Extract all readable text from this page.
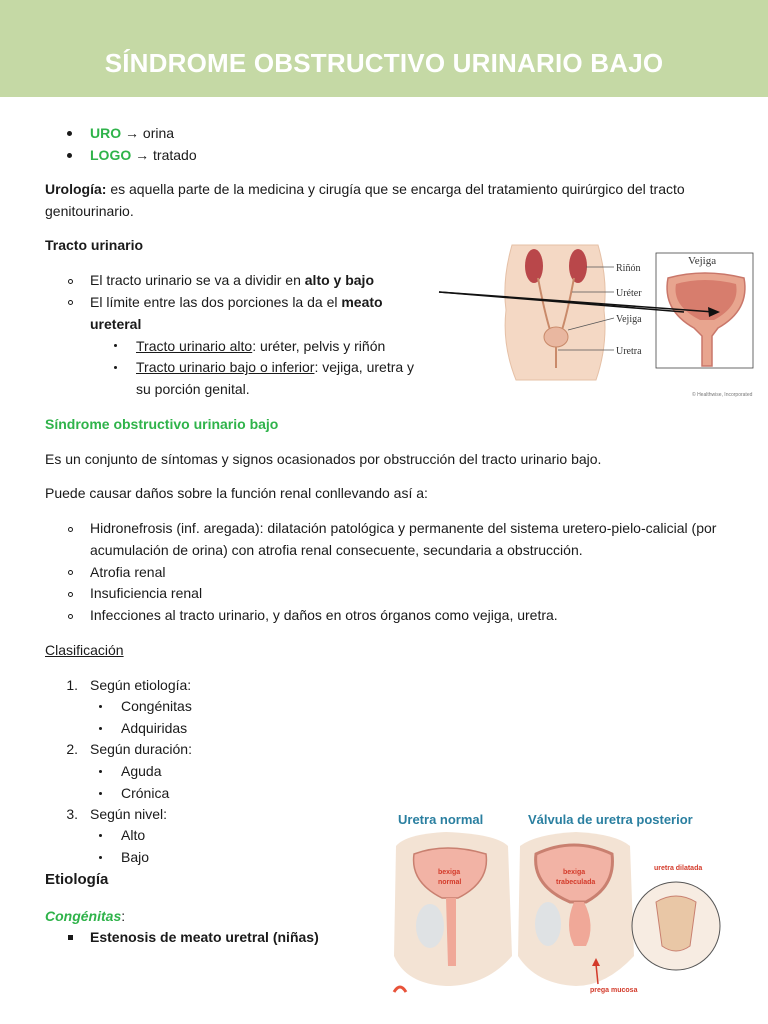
SÍNDROME OBSTRUCTIVO URINARIO BAJO
URO → orina
LOGO → tratado
Urología: es aquella parte de la medicina y cirugía que se encarga del tratamiento quirúrgico del tracto
genitourinario.
Tracto urinario
El tracto urinario se va a dividir en alto y bajo
El límite entre las dos porciones la da el meato
ureteral
Tracto urinario alto: uréter, pelvis y riñón
Tracto urinario bajo o inferior: vejiga, uretra y
su porción genital.
Riñón
Uréter
Vejiga
Uretra
Vejiga
© Healthwise, Incorporated
Síndrome obstructivo urinario bajo
Es un conjunto de síntomas y signos ocasionados por obstrucción del tracto urinario bajo.
Puede causar daños sobre la función renal conllevando así a:
Hidronefrosis (inf. aregada): dilatación patológica y permanente del sistema uretero-pielo-calicial (por
acumulación de orina) con atrofia renal consecuente, secundaria a obstrucción.
Atrofia renal
Insuficiencia renal
Infecciones al tracto urinario, y daños en otros órganos como vejiga, uretra.
Clasificación
1. Según etiología:
Congénitas
Adquiridas
2. Según duración:
Aguda
Crónica
3. Según nivel:
Alto
Bajo
Etiología
Congénitas:
Estenosis de meato uretral (niñas)
Uretra normal	Válvula de uretra posterior
bexiga
normal
bexiga
trabeculada
uretra dilatada
prega mucosa
